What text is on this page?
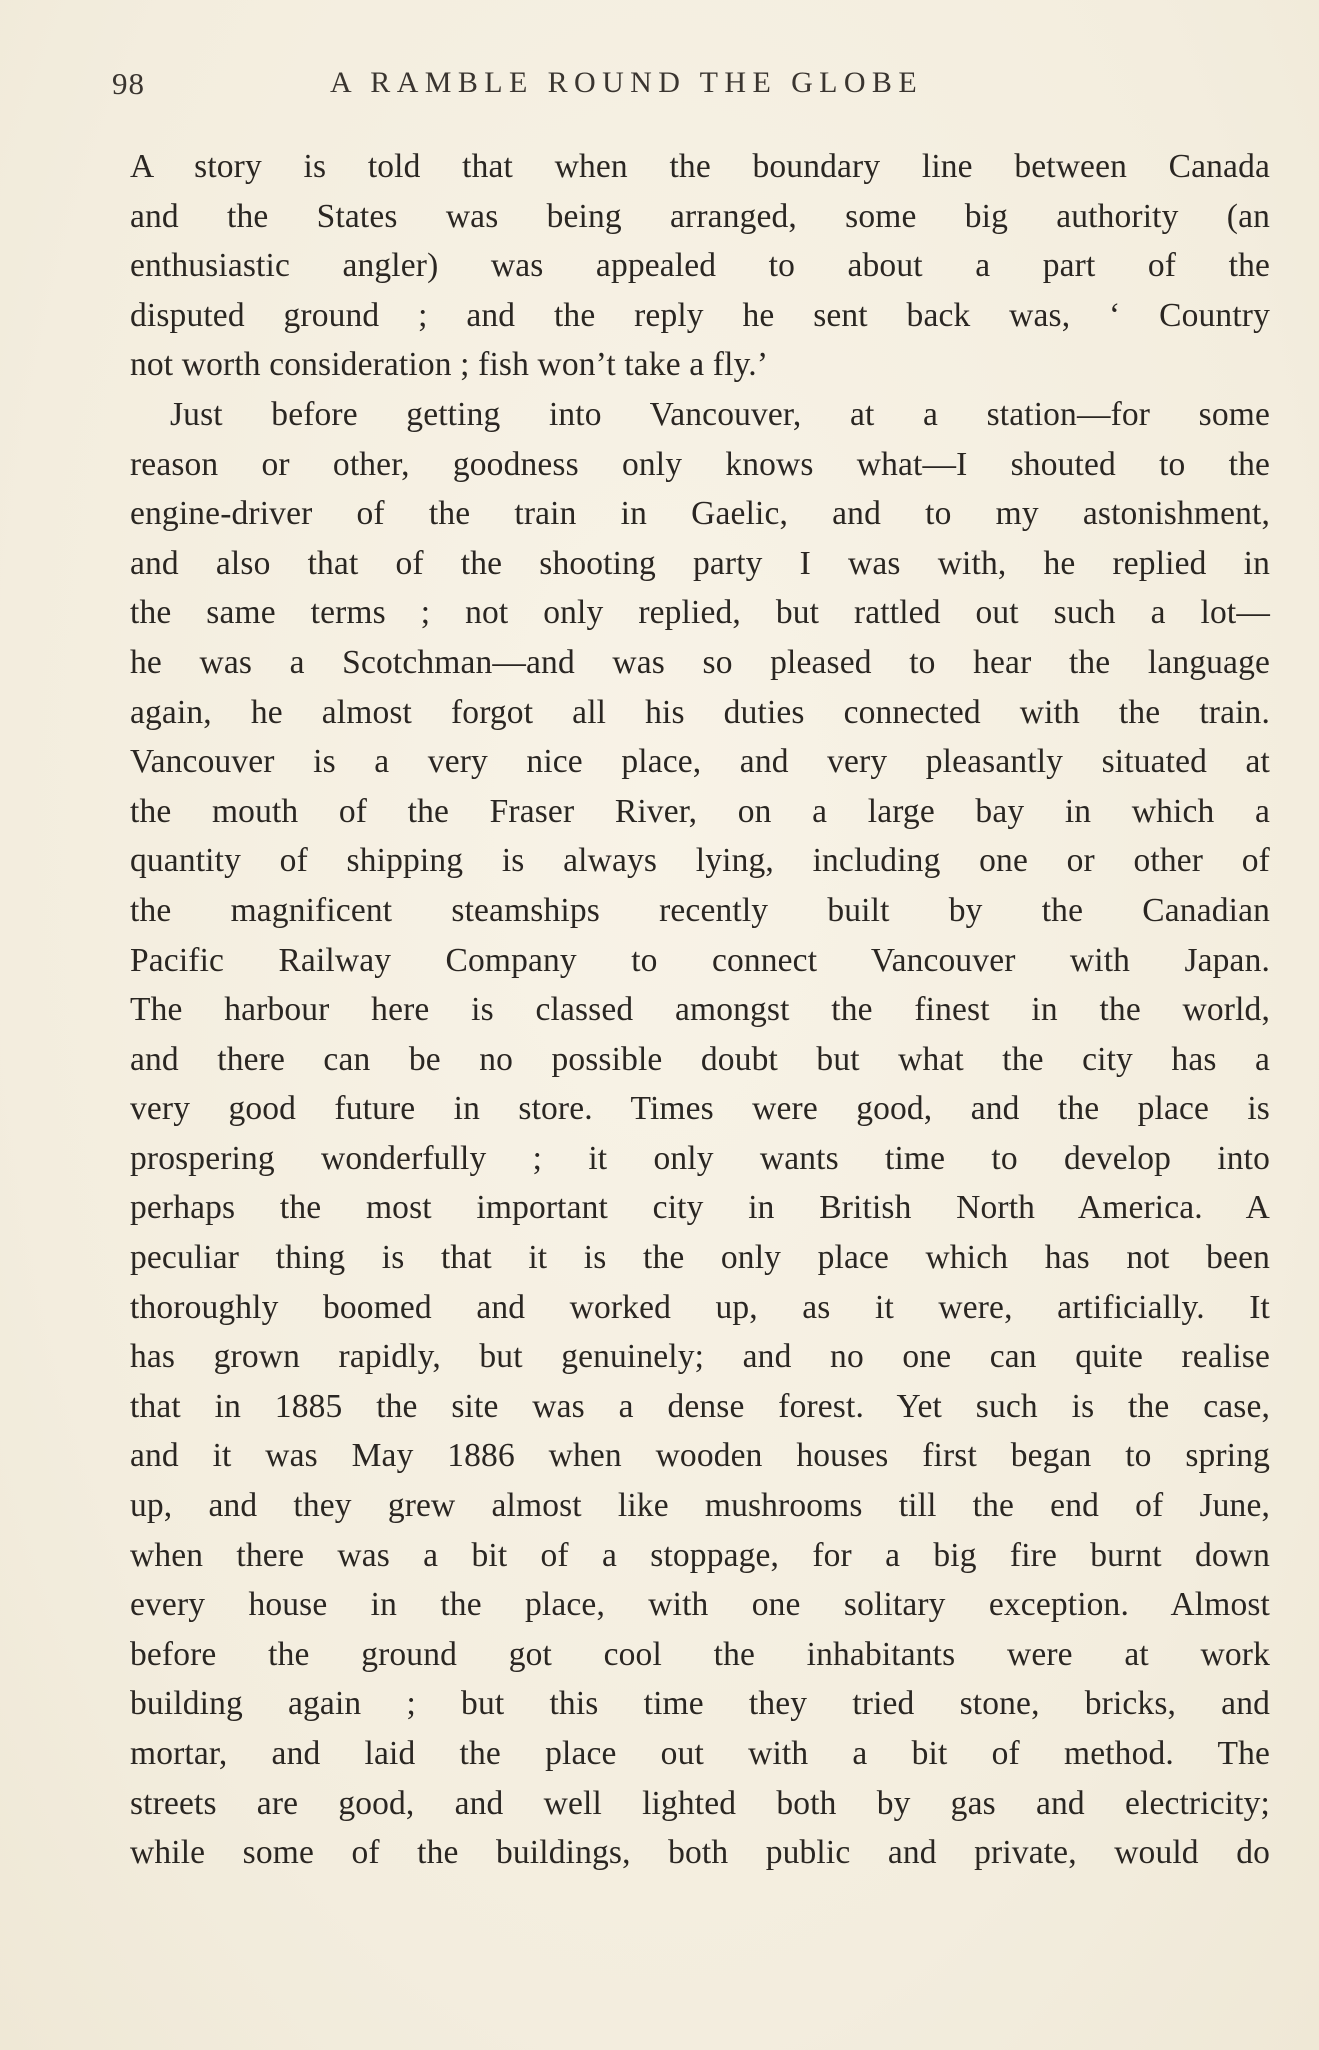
98	A RAMBLE ROUND THE GLOBE
A story is told that when the boundary line between Canada
and the States was being arranged, some big authority (an
enthusiastic angler) was appealed to about a part of the
disputed ground ; and the reply he sent back was, ‘ Country
not worth consideration ; fish won’t take a fly.’
Just before getting into Vancouver, at a station—for some
reason or other, goodness only knows what—I shouted to the
engine-driver of the train in Gaelic, and to my astonishment,
and also that of the shooting party I was with, he replied in
the same terms ; not only replied, but rattled out such a lot—
he was a Scotchman—and was so pleased to hear the language
again, he almost forgot all his duties connected with the train.
Vancouver is a very nice place, and very pleasantly situated at
the mouth of the Fraser River, on a large bay in which a
quantity of shipping is always lying, including one or other of
the magnificent steamships recently built by the Canadian
Pacific Railway Company to connect Vancouver with Japan.
The harbour here is classed amongst the finest in the world,
and there can be no possible doubt but what the city has a
very good future in store. Times were good, and the place is
prospering wonderfully ; it only wants time to develop into
perhaps the most important city in British North America. A
peculiar thing is that it is the only place which has not been
thoroughly boomed and worked up, as it were, artificially. It
has grown rapidly, but genuinely; and no one can quite realise
that in 1885 the site was a dense forest. Yet such is the case,
and it was May 1886 when wooden houses first began to spring
up, and they grew almost like mushrooms till the end of June,
when there was a bit of a stoppage, for a big fire burnt down
every house in the place, with one solitary exception. Almost
before the ground got cool the inhabitants were at work
building again ; but this time they tried stone, bricks, and
mortar, and laid the place out with a bit of method. The
streets are good, and well lighted both by gas and electricity;
while some of the buildings, both public and private, would do
